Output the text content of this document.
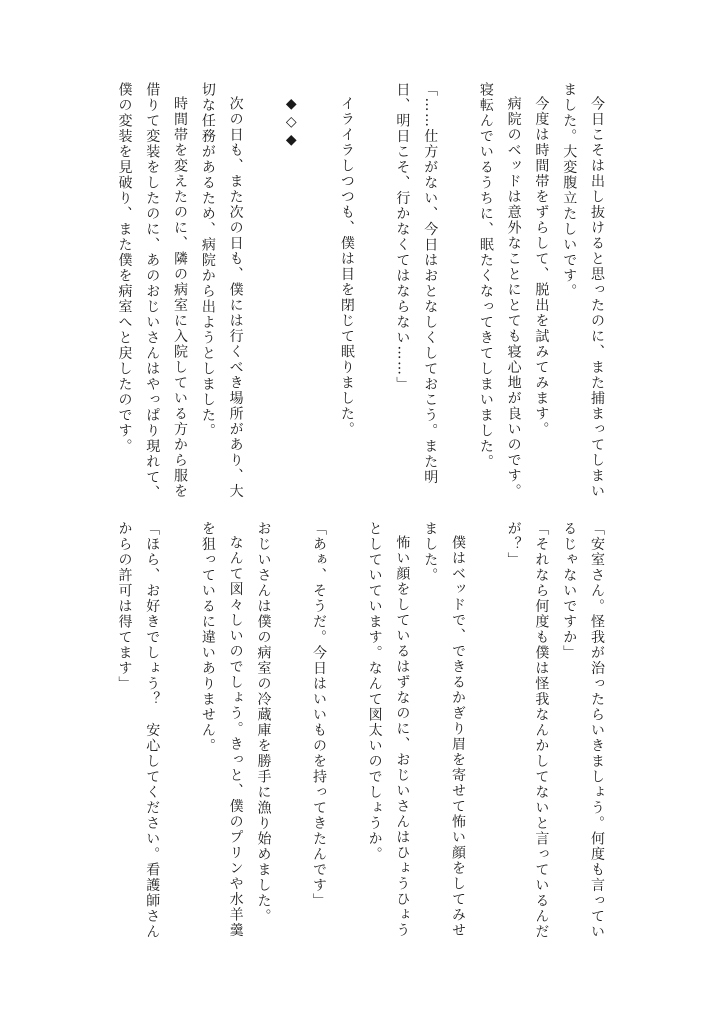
今日こそは出し抜けると思ったのに、また捕まってしまいました。大変腹立たしいです。
今度は時間帯をずらして、脱出を試みてみます。
病院のベッドは意外なことにとても寝心地が良いのです。寝転んでいるうちに、眠たくなってきてしまいました。
「……仕方がない、今日はおとなしくしておこう。また明日、明日こそ、行かなくてはならない……」
イライラしつつも、僕は目を閉じて眠りました。
◆◇◆
次の日も、また次の日も、僕には行くべき場所があり、大切な任務があるため、病院から出ようとしました。
時間帯を変えたのに、隣の病室に入院している方から服を借りて変装をしたのに、あのおじいさんはやっぱり現れて、僕の変装を見破り、また僕を病室へと戻したのです。
「安室さん。怪我が治ったらいきましょう。何度も言っているじゃないですか」
「それなら何度も僕は怪我なんかしてないと言っているんだが？」
僕はベッドで、できるかぎり眉を寄せて怖い顔をしてみせました。
怖い顔をしているはずなのに、おじいさんはひょうひょうとしていています。なんて図太いのでしょうか。
「あぁ、そうだ。今日はいいものを持ってきたんです」
おじいさんは僕の病室の冷蔵庫を勝手に漁り始めました。
なんて図々しいのでしょう。きっと、僕のプリンや水羊羹を狙っているに違いありません。
「ほら、お好きでしょう？　安心してください。看護師さんからの許可は得てます」
